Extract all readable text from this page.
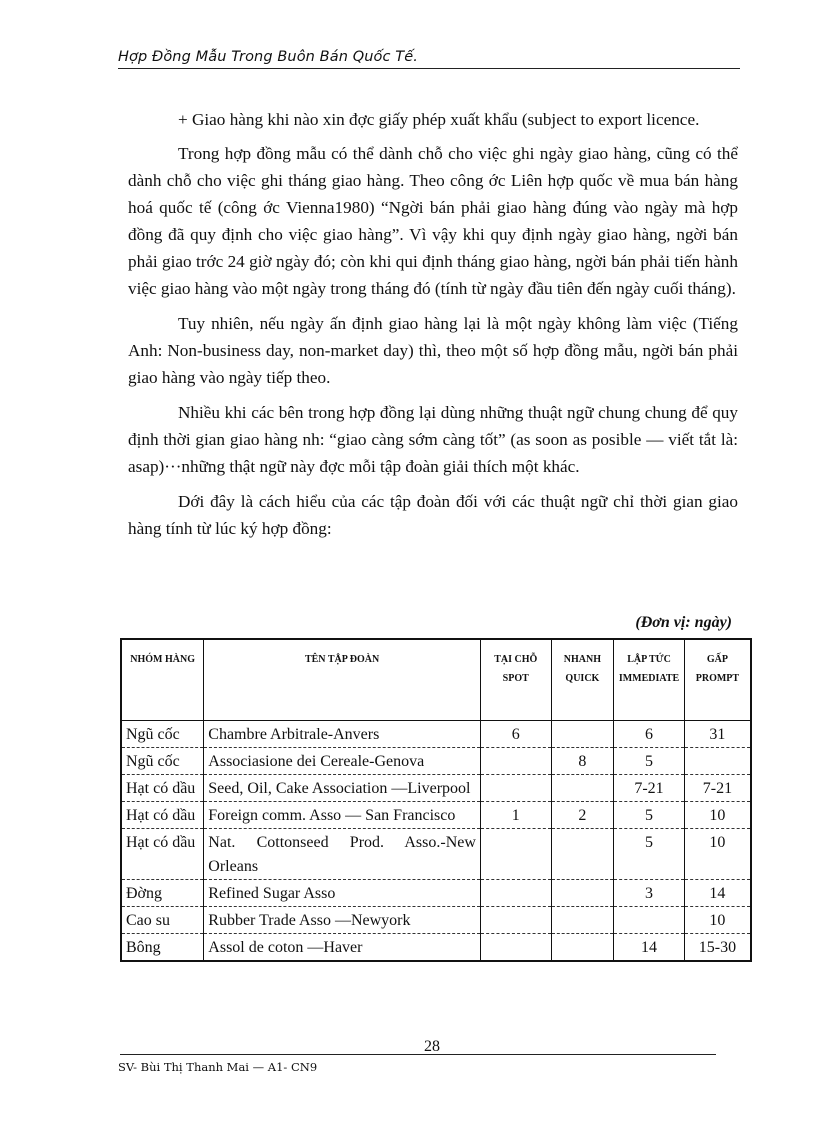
Hợp Đồng Mẫu Trong Buôn Bán Quốc Tế.

+ Giao hàng khi nào xin đợc giấy phép xuất khẩu (subject to export licence.

Trong hợp đồng mẫu có thể dành chỗ cho việc ghi ngày giao hàng, cũng có thể dành chỗ cho việc ghi tháng giao hàng. Theo công ớc Liên hợp quốc về mua bán hàng hoá quốc tế (công ớc Vienna1980) “Ngời bán phải giao hàng đúng vào ngày mà hợp đồng đã quy định cho việc giao hàng”. Vì vậy khi quy định ngày giao hàng, ngời bán phải giao trớc 24 giờ ngày đó; còn khi qui định tháng giao hàng, ngời bán phải tiến hành việc giao hàng vào một ngày trong tháng đó (tính từ ngày đầu tiên đến ngày cuối tháng).

Tuy nhiên, nếu ngày ấn định giao hàng lại là một ngày không làm việc (Tiếng Anh: Non-business day, non-market day) thì, theo một số hợp đồng mẫu, ngời bán phải giao hàng vào ngày tiếp theo.

Nhiều khi các bên trong hợp đồng lại dùng những thuật ngữ chung chung để quy định thời gian giao hàng nh: “giao càng sớm càng tốt” (as soon as posible — viết tắt là: asap)···những thật ngữ này đợc mỗi tập đoàn giải thích một khác.

Dới đây là cách hiểu của các tập đoàn đối với các thuật ngữ chỉ thời gian giao hàng tính từ lúc ký hợp đồng:

(Đơn vị: ngày)
NHÓM HÀNG	TÊN TẬP ĐOÀN	TẠI CHỖ SPOT	NHANH QUICK	LẬP TỨC IMMEDIATE	GẤP PROMPT
Ngũ cốc	Chambre Arbitrale-Anvers	6		6	31
Ngũ cốc	Associasione dei Cereale-Genova		8	5	
Hạt có dầu	Seed, Oil, Cake Association —Liverpool			7-21	7-21
Hạt có dầu	Foreign comm. Asso — San Francisco	1	2	5	10
Hạt có dầu	Nat. Cottonseed Prod. Asso.-New Orleans			5	10
Đờng	Refined Sugar Asso			3	14
Cao su	Rubber Trade Asso —Newyork				10
Bông	Assol de coton —Haver			14	15-30
28
SV- Bùi Thị Thanh Mai — A1- CN9
